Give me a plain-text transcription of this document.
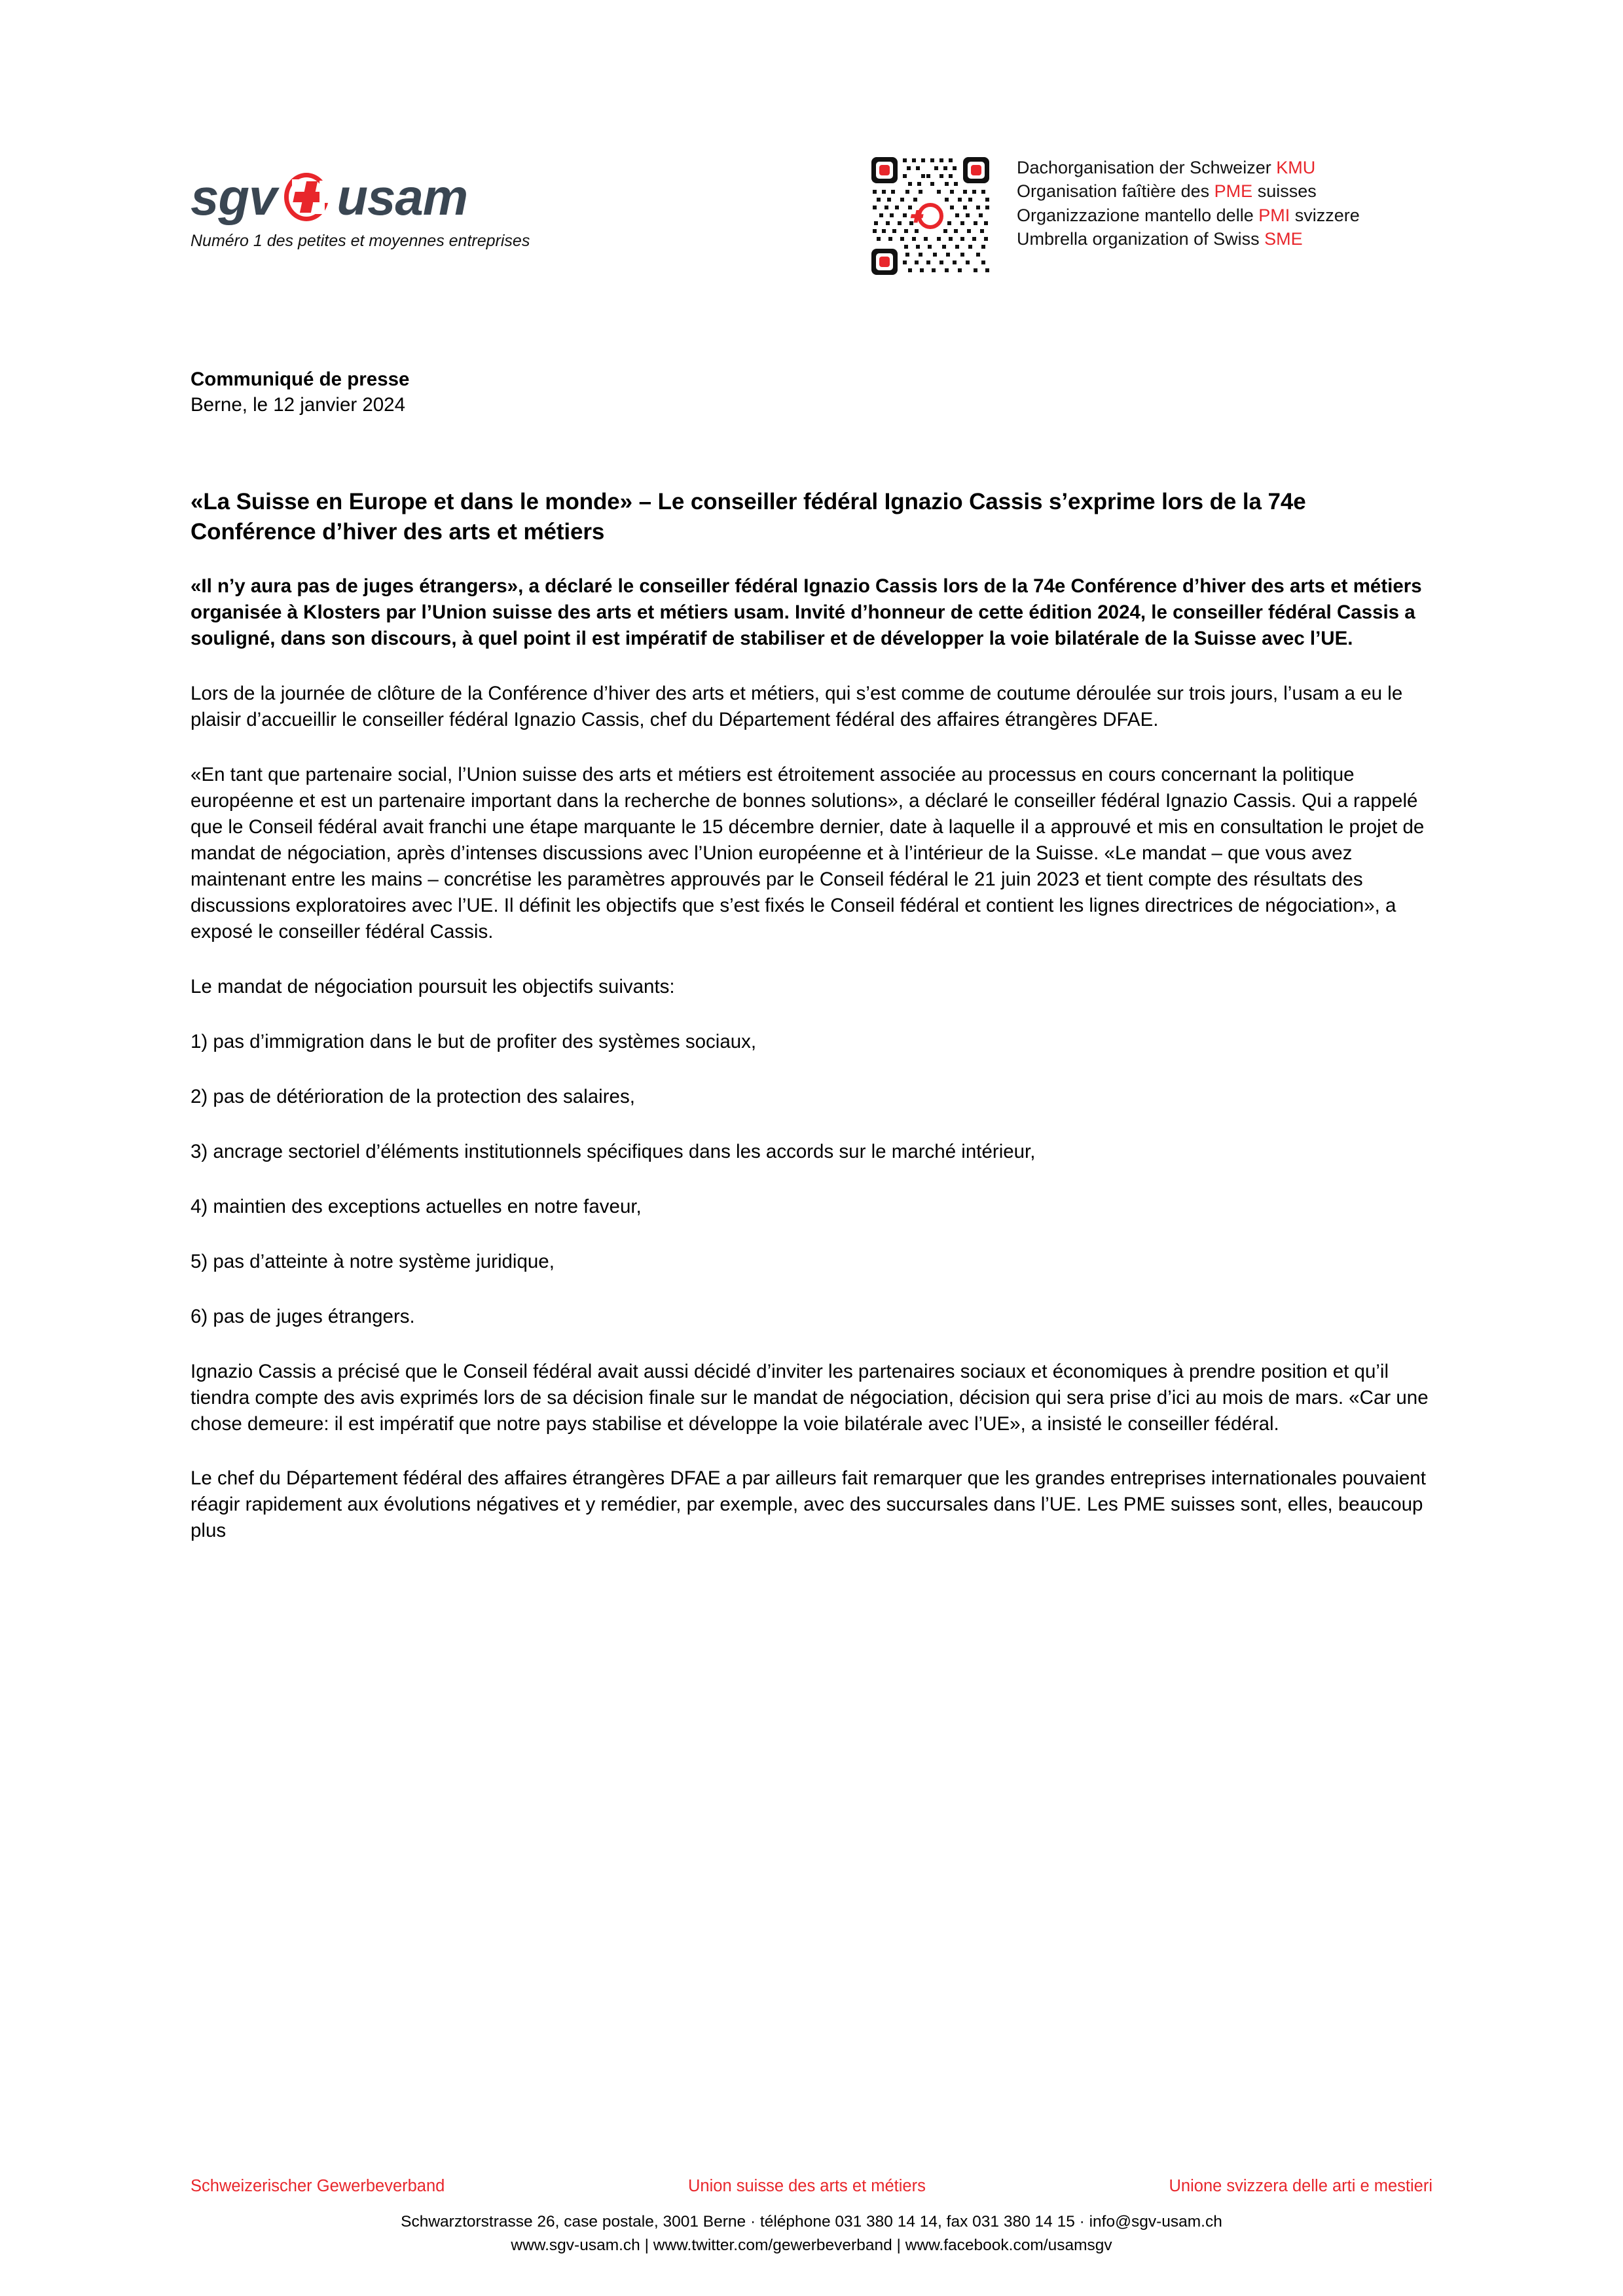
sgv usam
Numéro 1 des petites et moyennes entreprises
Dachorganisation der Schweizer KMU
Organisation faîtière des PME suisses
Organizzazione mantello delle PMI svizzere
Umbrella organization of Swiss SME
Communiqué de presse
Berne, le 12 janvier 2024
«La Suisse en Europe et dans le monde» – Le conseiller fédéral Ignazio Cassis s’exprime lors de la 74e Conférence d’hiver des arts et métiers

«Il n’y aura pas de juges étrangers», a déclaré le conseiller fédéral Ignazio Cassis lors de la 74e Conférence d’hiver des arts et métiers organisée à Klosters par l’Union suisse des arts et métiers usam. Invité d’honneur de cette édition 2024, le conseiller fédéral Cassis a souligné, dans son discours, à quel point il est impératif de stabiliser et de développer la voie bilatérale de la Suisse avec l’UE.

Lors de la journée de clôture de la Conférence d’hiver des arts et métiers, qui s’est comme de coutume déroulée sur trois jours, l’usam a eu le plaisir d’accueillir le conseiller fédéral Ignazio Cassis, chef du Département fédéral des affaires étrangères DFAE.

«En tant que partenaire social, l’Union suisse des arts et métiers est étroitement associée au processus en cours concernant la politique européenne et est un partenaire important dans la recherche de bonnes solutions», a déclaré le conseiller fédéral Ignazio Cassis. Qui a rappelé que le Conseil fédéral avait franchi une étape marquante le 15 décembre dernier, date à laquelle il a approuvé et mis en consultation le projet de mandat de négociation, après d’intenses discussions avec l’Union européenne et à l’intérieur de la Suisse. «Le mandat – que vous avez maintenant entre les mains – concrétise les paramètres approuvés par le Conseil fédéral le 21 juin 2023 et tient compte des résultats des discussions exploratoires avec l’UE. Il définit les objectifs que s’est fixés le Conseil fédéral et contient les lignes directrices de négociation», a exposé le conseiller fédéral Cassis.

Le mandat de négociation poursuit les objectifs suivants:

1) pas d’immigration dans le but de profiter des systèmes sociaux,

2) pas de détérioration de la protection des salaires,

3) ancrage sectoriel d’éléments institutionnels spécifiques dans les accords sur le marché intérieur,

4) maintien des exceptions actuelles en notre faveur,

5) pas d’atteinte à notre système juridique,

6) pas de juges étrangers.

Ignazio Cassis a précisé que le Conseil fédéral avait aussi décidé d’inviter les partenaires sociaux et économiques à prendre position et qu’il tiendra compte des avis exprimés lors de sa décision finale sur le mandat de négociation, décision qui sera prise d’ici au mois de mars. «Car une chose demeure: il est impératif que notre pays stabilise et développe la voie bilatérale avec l’UE», a insisté le conseiller fédéral.

Le chef du Département fédéral des affaires étrangères DFAE a par ailleurs fait remarquer que les grandes entreprises internationales pouvaient réagir rapidement aux évolutions négatives et y remédier, par exemple, avec des succursales dans l’UE. Les PME suisses sont, elles, beaucoup plus

Schweizerischer Gewerbeverband	Union suisse des arts et métiers	Unione svizzera delle arti e mestieri
Schwarztorstrasse 26, case postale, 3001 Berne · téléphone 031 380 14 14, fax 031 380 14 15 · info@sgv-usam.ch
www.sgv-usam.ch | www.twitter.com/gewerbeverband | www.facebook.com/usamsgv
